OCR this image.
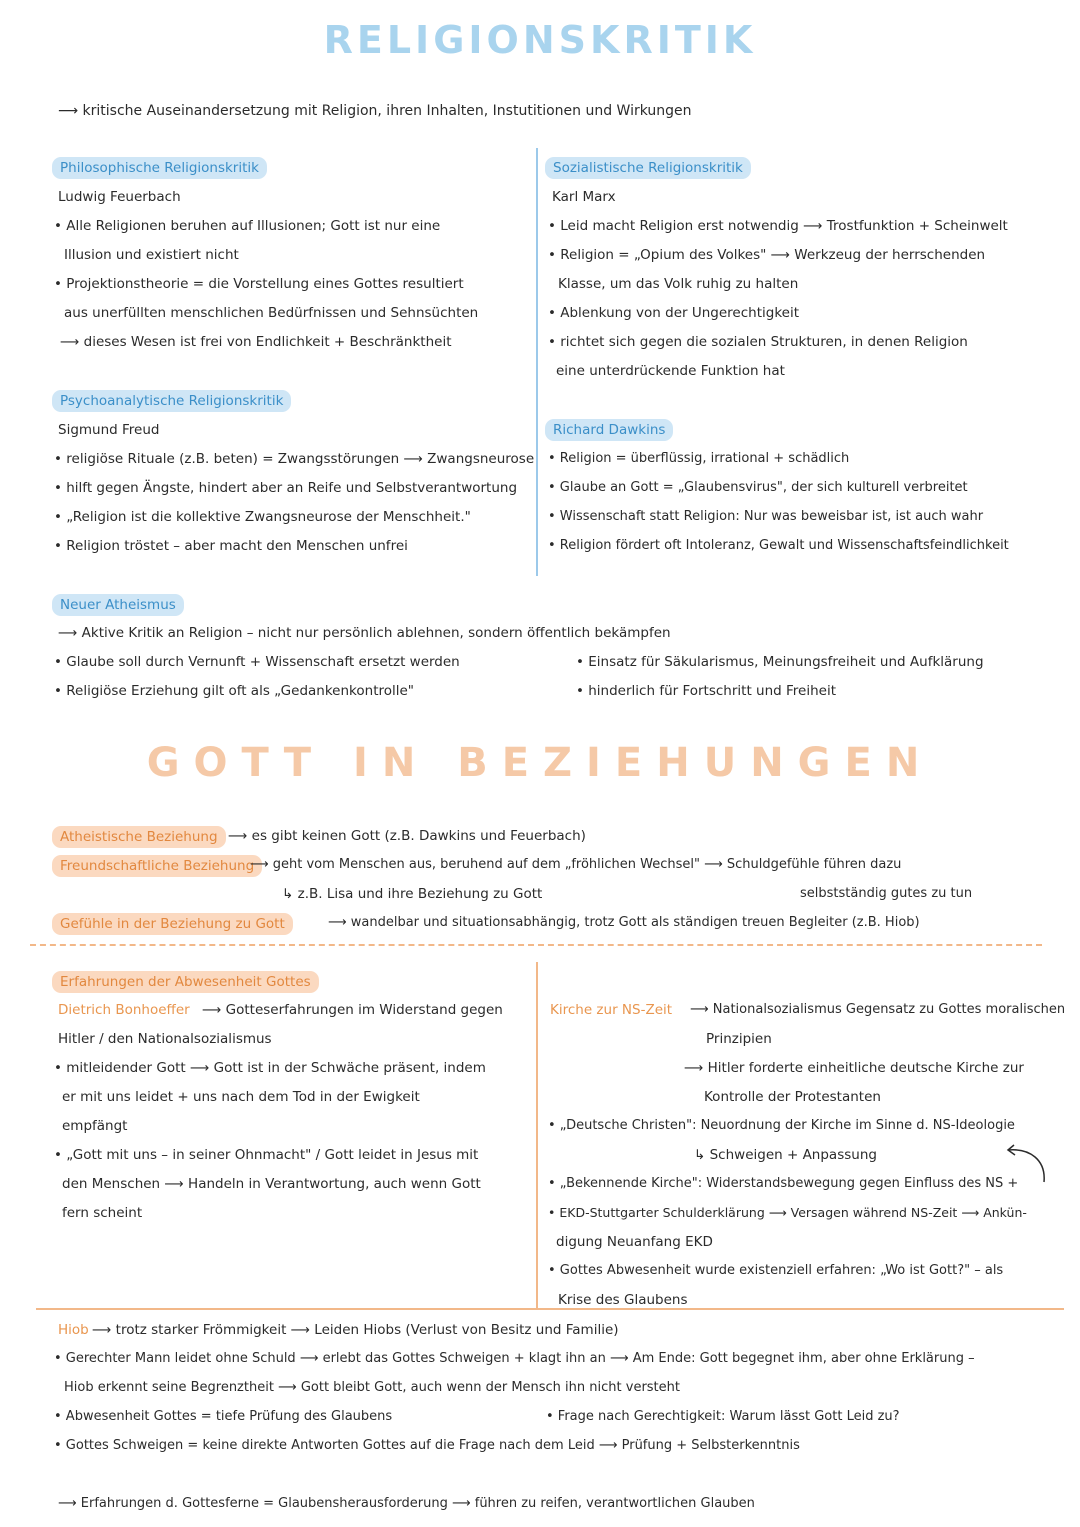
RELIGIONSKRITIK
⟶ kritische Auseinandersetzung mit Religion, ihren Inhalten, Instutitionen und Wirkungen
Philosophische Religionskritik
Ludwig Feuerbach
• Alle Religionen beruhen auf Illusionen; Gott ist nur eine
Illusion und existiert nicht
• Projektionstheorie = die Vorstellung eines Gottes resultiert
aus unerfüllten menschlichen Bedürfnissen und Sehnsüchten
⟶ dieses Wesen ist frei von Endlichkeit + Beschränktheit
Sozialistische Religionskritik
Karl Marx
• Leid macht Religion erst notwendig ⟶ Trostfunktion + Scheinwelt
• Religion = „Opium des Volkes" ⟶ Werkzeug der herrschenden
Klasse, um das Volk ruhig zu halten
• Ablenkung von der Ungerechtigkeit
• richtet sich gegen die sozialen Strukturen, in denen Religion
eine unterdrückende Funktion hat
Psychoanalytische Religionskritik
Sigmund Freud
• religiöse Rituale (z.B. beten) = Zwangsstörungen ⟶ Zwangsneurose
• hilft gegen Ängste, hindert aber an Reife und Selbstverantwortung
• „Religion ist die kollektive Zwangsneurose der Menschheit."
• Religion tröstet – aber macht den Menschen unfrei
Richard Dawkins
• Religion = überflüssig, irrational + schädlich
• Glaube an Gott = „Glaubensvirus", der sich kulturell verbreitet
• Wissenschaft statt Religion: Nur was beweisbar ist, ist auch wahr
• Religion fördert oft Intoleranz, Gewalt und Wissenschaftsfeindlichkeit
Neuer Atheismus
⟶ Aktive Kritik an Religion – nicht nur persönlich ablehnen, sondern öffentlich bekämpfen
• Glaube soll durch Vernunft + Wissenschaft ersetzt werden
• Religiöse Erziehung gilt oft als „Gedankenkontrolle"
• Einsatz für Säkularismus, Meinungsfreiheit und Aufklärung
• hinderlich für Fortschritt und Freiheit
GOTT IN BEZIEHUNGEN
Atheistische Beziehung ⟶ es gibt keinen Gott (z.B. Dawkins und Feuerbach)
Freundschaftliche Beziehung
⟶ geht vom Menschen aus, beruhend auf dem „fröhlichen Wechsel" ⟶ Schuldgefühle führen dazu
↳ z.B. Lisa und ihre Beziehung zu Gott	selbstständig gutes zu tun
Gefühle in der Beziehung zu Gott	⟶ wandelbar und situationsabhängig, trotz Gott als ständigen treuen Begleiter (z.B. Hiob)
Erfahrungen der Abwesenheit Gottes
Dietrich Bonhoeffer ⟶ Gotteserfahrungen im Widerstand gegen
Hitler / den Nationalsozialismus
• mitleidender Gott ⟶ Gott ist in der Schwäche präsent, indem
er mit uns leidet + uns nach dem Tod in der Ewigkeit
empfängt
• „Gott mit uns – in seiner Ohnmacht" / Gott leidet in Jesus mit
den Menschen ⟶ Handeln in Verantwortung, auch wenn Gott
fern scheint
Kirche zur NS-Zeit ⟶ Nationalsozialismus Gegensatz zu Gottes moralischen
Prinzipien
⟶ Hitler forderte einheitliche deutsche Kirche zur
Kontrolle der Protestanten
• „Deutsche Christen": Neuordnung der Kirche im Sinne d. NS-Ideologie
↳ Schweigen + Anpassung
• „Bekennende Kirche": Widerstandsbewegung gegen Einfluss des NS +
• EKD-Stuttgarter Schulderklärung ⟶ Versagen während NS-Zeit ⟶ Ankün-
digung Neuanfang EKD
• Gottes Abwesenheit wurde existenziell erfahren: „Wo ist Gott?" – als
Krise des Glaubens
Hiob ⟶ trotz starker Frömmigkeit ⟶ Leiden Hiobs (Verlust von Besitz und Familie)
• Gerechter Mann leidet ohne Schuld ⟶ erlebt das Gottes Schweigen + klagt ihn an ⟶ Am Ende: Gott begegnet ihm, aber ohne Erklärung –
Hiob erkennt seine Begrenztheit ⟶ Gott bleibt Gott, auch wenn der Mensch ihn nicht versteht
• Abwesenheit Gottes = tiefe Prüfung des Glaubens	• Frage nach Gerechtigkeit: Warum lässt Gott Leid zu?
• Gottes Schweigen = keine direkte Antworten Gottes auf die Frage nach dem Leid ⟶ Prüfung + Selbsterkenntnis
⟶ Erfahrungen d. Gottesferne = Glaubensherausforderung ⟶ führen zu reifen, verantwortlichen Glauben
